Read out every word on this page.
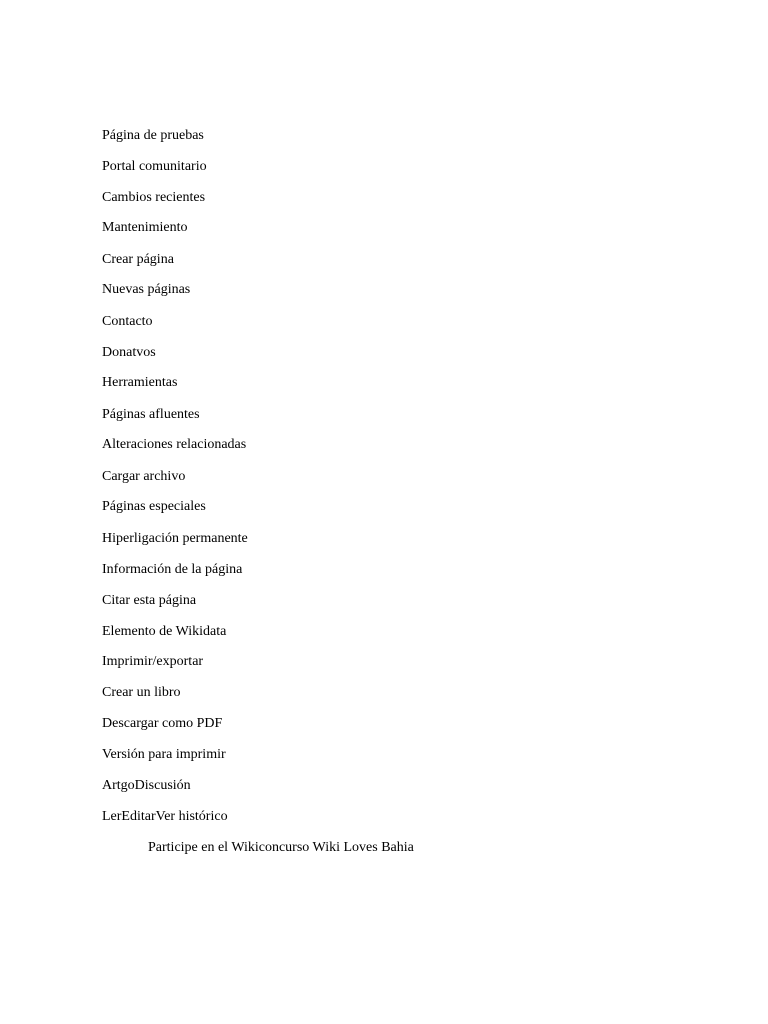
Página de pruebas
Portal comunitario
Cambios recientes
Mantenimiento
Crear página
Nuevas páginas
Contacto
Donatvos
Herramientas
Páginas afluentes
Alteraciones relacionadas
Cargar archivo
Páginas especiales
Hiperligación permanente
Información de la página
Citar esta página
Elemento de Wikidata
Imprimir/exportar
Crear un libro
Descargar como PDF
Versión para imprimir
ArtgoDiscusión
LerEditarVer histórico
Participe en el Wikiconcurso Wiki Loves Bahia
